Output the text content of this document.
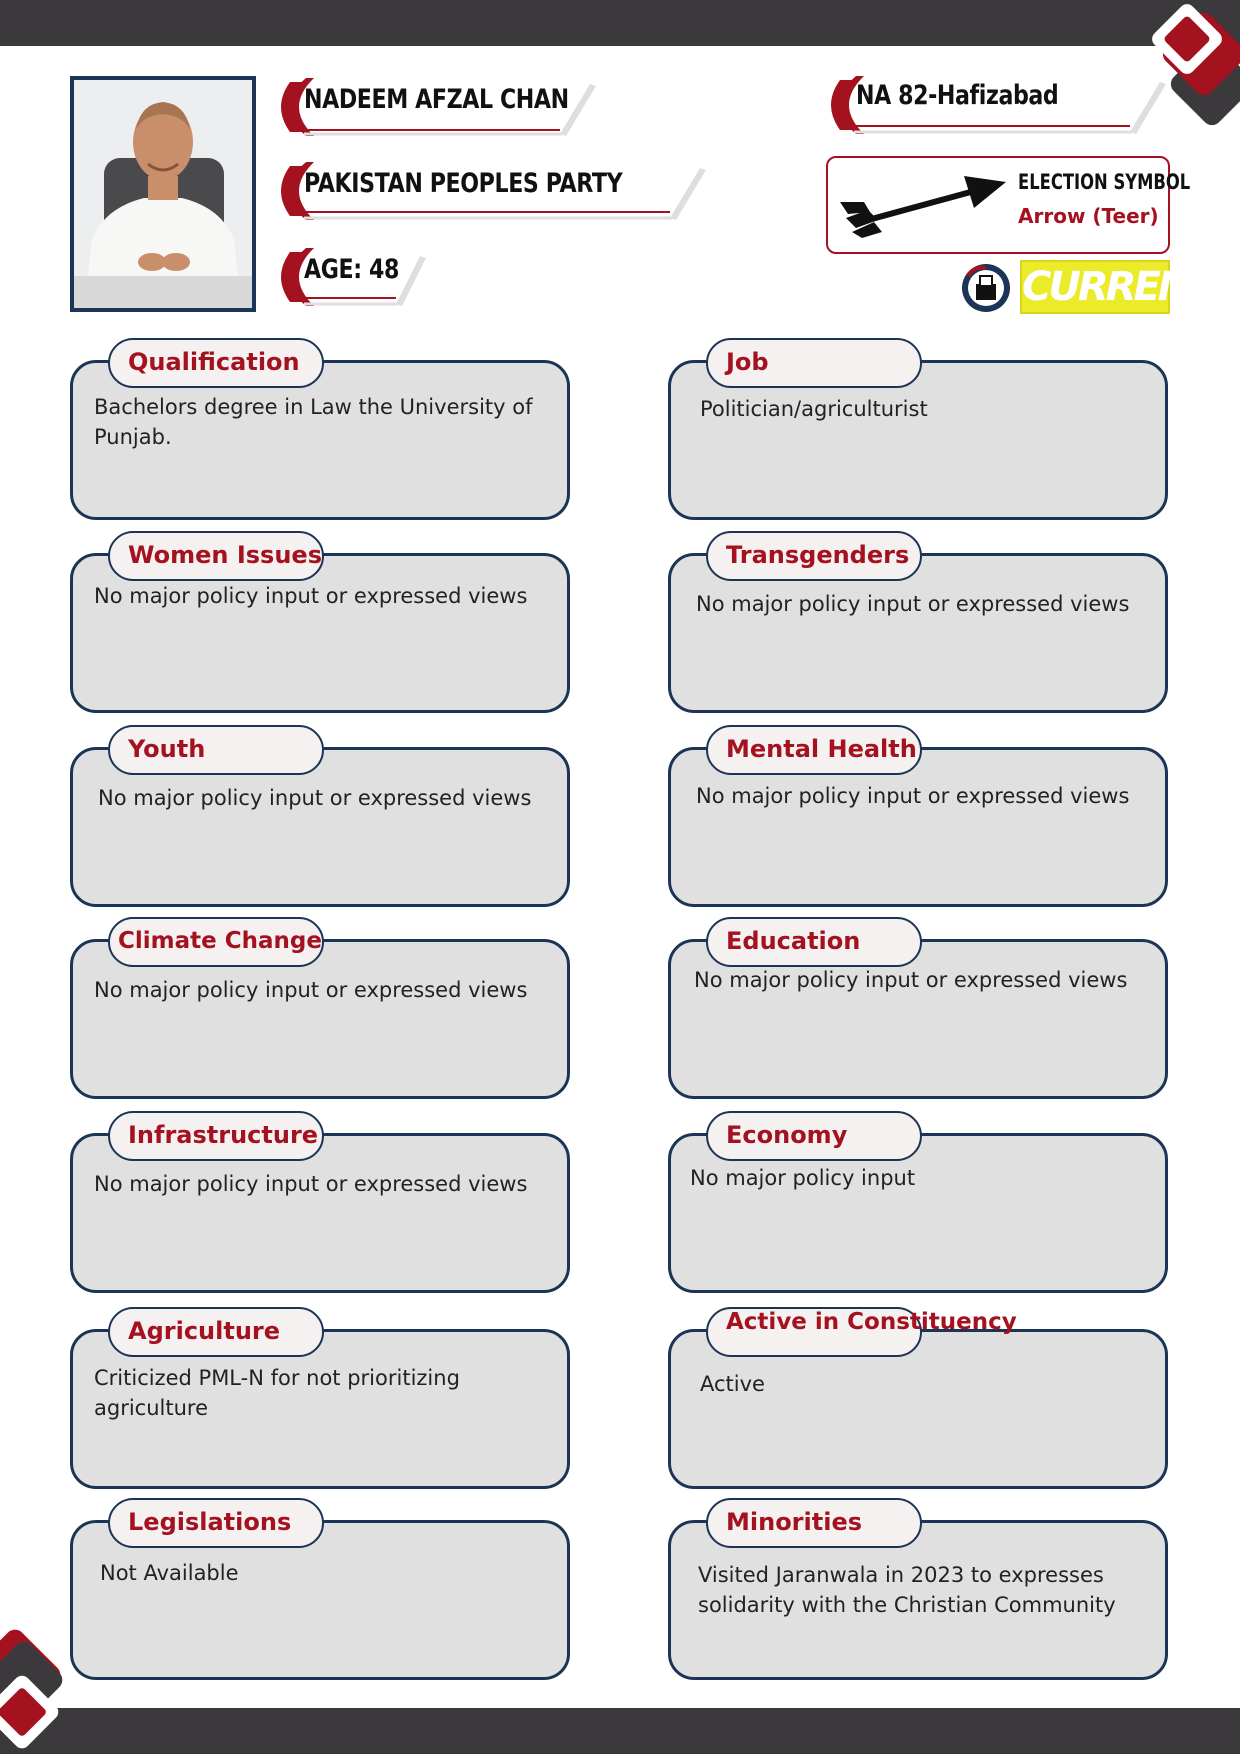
NADEEM AFZAL CHAN
PAKISTAN PEOPLES PARTY
AGE: 48
NA 82-Hafizabad
ELECTION SYMBOL
Arrow (Teer)
CURRENT
Qualification
Bachelors degree in Law the University of Punjab.
Women Issues
No major policy input or expressed views
Youth
No major policy input or expressed views
Climate Change
No major policy input or expressed views
Infrastructure
No major policy input or expressed views
Agriculture
Criticized PML-N for not prioritizing agriculture
Legislations
Not Available
Job
Politician/agriculturist
Transgenders
No major policy input or expressed views
Mental Health
No major policy input or expressed views
Education
No major policy input or expressed views
Economy
No major policy input
Active in Constituency
Active
Minorities
Visited Jaranwala in 2023 to expresses solidarity with the Christian Community
